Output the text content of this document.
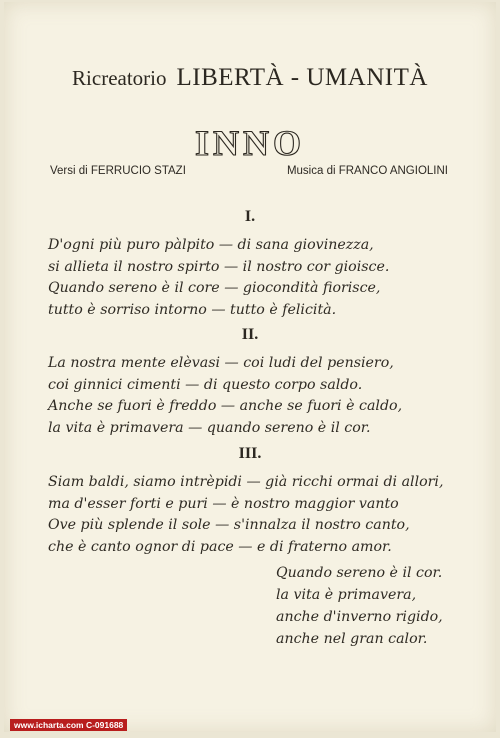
Ricreatorio LIBERTÀ - UMANITÀ
INNO
Versi di FERRUCIO STAZI	Musica di FRANCO ANGIOLINI
I.
D'ogni più puro pàlpito — di sana giovinezza,
si allieta il nostro spirto — il nostro cor gioisce.
Quando sereno è il core — giocondità fiorisce,
tutto è sorriso intorno — tutto è felicità.
II.
La nostra mente elèvasi — coi ludi del pensiero,
coi ginnici cimenti — di questo corpo saldo.
Anche se fuori è freddo — anche se fuori è caldo,
la vita è primavera — quando sereno è il cor.
III.
Siam baldi, siamo intrèpidi — già ricchi ormai di allori,
ma d'esser forti e puri — è nostro maggior vanto
Ove più splende il sole — s'innalza il nostro canto,
che è canto ognor di pace — e di fraterno amor.
Quando sereno è il cor.
la vita è primavera,
anche d'inverno rigido,
anche nel gran calor.
www.icharta.com C-091688
